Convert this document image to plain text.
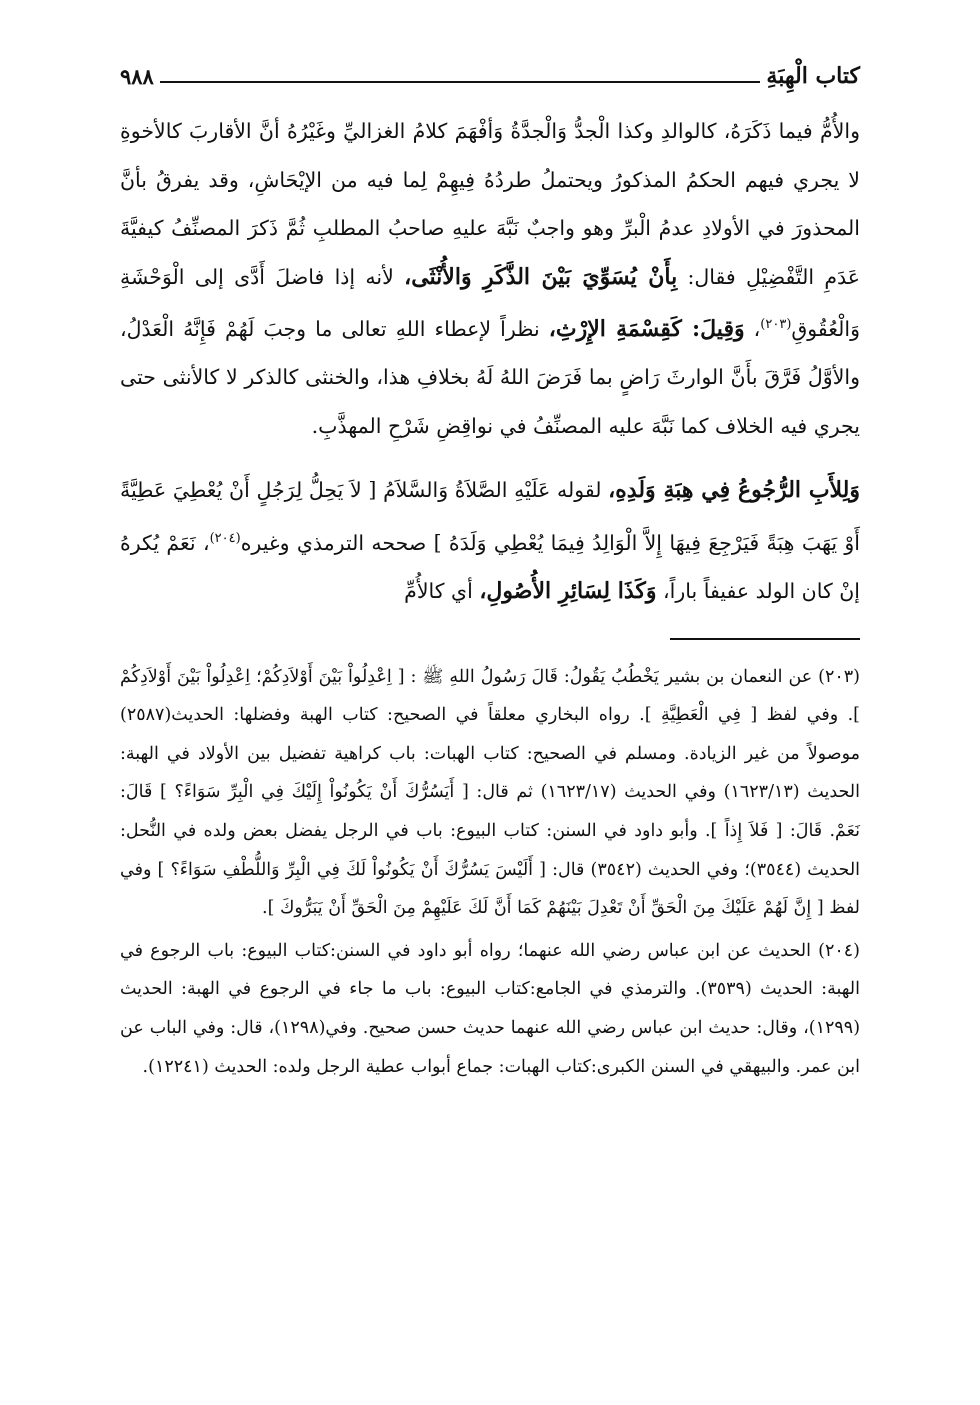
كتاب الْهِبَةِ
٩٨٨

والأُمُّ فيما ذَكَرَهُ، كالوالدِ وكذا الْجدُّ وَالْجدَّةُ وَأفْهَمَ كلامُ الغزاليِّ وغَيْرُهُ أنَّ الأقاربَ كالأخوةِ لا يجري فيهم الحكمُ المذكورُ ويحتملُ طردُهُ فِيهِمْ لِما فيه من الإيْحَاشِ، وقد يفرقُ بأنَّ المحذورَ في الأولادِ عدمُ الْبرِّ وهو واجبٌ نَبَّهَ عليهِ صاحبُ المطلبِ ثُمَّ ذَكرَ المصنِّفُ كيفيَّةَ عَدَمِ التَّفْضِيْلِ فقال: بِأَنْ يُسَوِّيَ بَيْنَ الذَّكَرِ وَالأُنْثَى، لأنه إذا فاضلَ أَدَّى إلى الْوَحْشَةِ وَالْعُقُوقِ$^{(٢٠٣)}$، وَقِيلَ: كَقِسْمَةِ الإِرْثِ، نظراً لإعطاء اللهِ تعالى ما وجبَ لَهُمْ فَإِنَّهُ الْعَدْلُ، والأوَّلُ فَرَّقَ بأَنَّ الوارثَ رَاضٍ بما فَرَضَ اللهُ لَهُ بخلافِ هذا، والخنثى كالذكر لا كالأنثى حتى يجري فيه الخلاف كما نَبَّهَ عليه المصنِّفُ في نواقِضِ شَرْحِ المهذَّبِ.

وَلِلأَبِ الرُّجُوعُ فِي هِبَةِ وَلَدِهِ، لقوله عَلَيْهِ الصَّلاَةُ وَالسَّلاَمُ [ لاَ يَحِلُّ لِرَجُلٍ أَنْ يُعْطِيَ عَطِيَّةً أَوْ يَهَبَ هِبَةً فَيَرْجِعَ فِيهَا إِلاَّ الْوَالِدُ فِيمَا يُعْطِي وَلَدَهُ ] صححه الترمذي وغيره$^{(٢٠٤)}$، نَعَمْ يُكرهُ إنْ كان الولد عفيفاً باراً، وَكَذَا لِسَائِرِ الأُصُولِ، أي كالأُمِّ

(٢٠٣) عن النعمان بن بشير يَخْطُبُ يَقُولُ: قَالَ رَسُولُ اللهِ ﷺ : [ اِعْدِلُواْ بَيْنَ أَوْلاَدِكُمْ؛ اِعْدِلُواْ بَيْنَ أَوْلاَدِكُمْ ]. وفي لفظ [ فِي الْعَطِيَّةِ ]. رواه البخاري معلقاً في الصحيح: كتاب الهبة وفضلها: الحديث(٢٥٨٧) موصولاً من غير الزيادة. ومسلم في الصحيح: كتاب الهبات: باب كراهية تفضيل بين الأولاد في الهبة: الحديث (١٦٢٣/١٣) وفي الحديث (١٦٢٣/١٧) ثم قال: [ أَيَسُرُّكَ أَنْ يَكُونُواْ إِلَيْكَ فِي الْبِرِّ سَوَاءً؟ ] قَالَ: نَعَمْ. قَالَ: [ فَلاَ إِذاً ]. وأبو داود في السنن: كتاب البيوع: باب في الرجل يفضل بعض ولده في النُّحل: الحديث (٣٥٤٤)؛ وفي الحديث (٣٥٤٢) قال: [ أَلَيْسَ يَسُرُّكَ أَنْ يَكُونُواْ لَكَ فِي الْبِرِّ وَاللُّطْفِ سَوَاءً؟ ] وفي لفظ [ إِنَّ لَهُمْ عَلَيْكَ مِنَ الْحَقِّ أَنْ تَعْدِلَ بَيْنَهُمْ كَمَا أَنَّ لَكَ عَلَيْهِمْ مِنَ الْحَقِّ أَنْ يَبَرُّوكَ ].

(٢٠٤) الحديث عن ابن عباس رضي الله عنهما؛ رواه أبو داود في السنن:كتاب البيوع: باب الرجوع في الهبة: الحديث (٣٥٣٩). والترمذي في الجامع:كتاب البيوع: باب ما جاء في الرجوع في الهبة: الحديث (١٢٩٩)، وقال: حديث ابن عباس رضي الله عنهما حديث حسن صحيح. وفي(١٢٩٨)، قال: وفي الباب عن ابن عمر. والبيهقي في السنن الكبرى:كتاب الهبات: جماع أبواب عطية الرجل ولده: الحديث (١٢٢٤١).
